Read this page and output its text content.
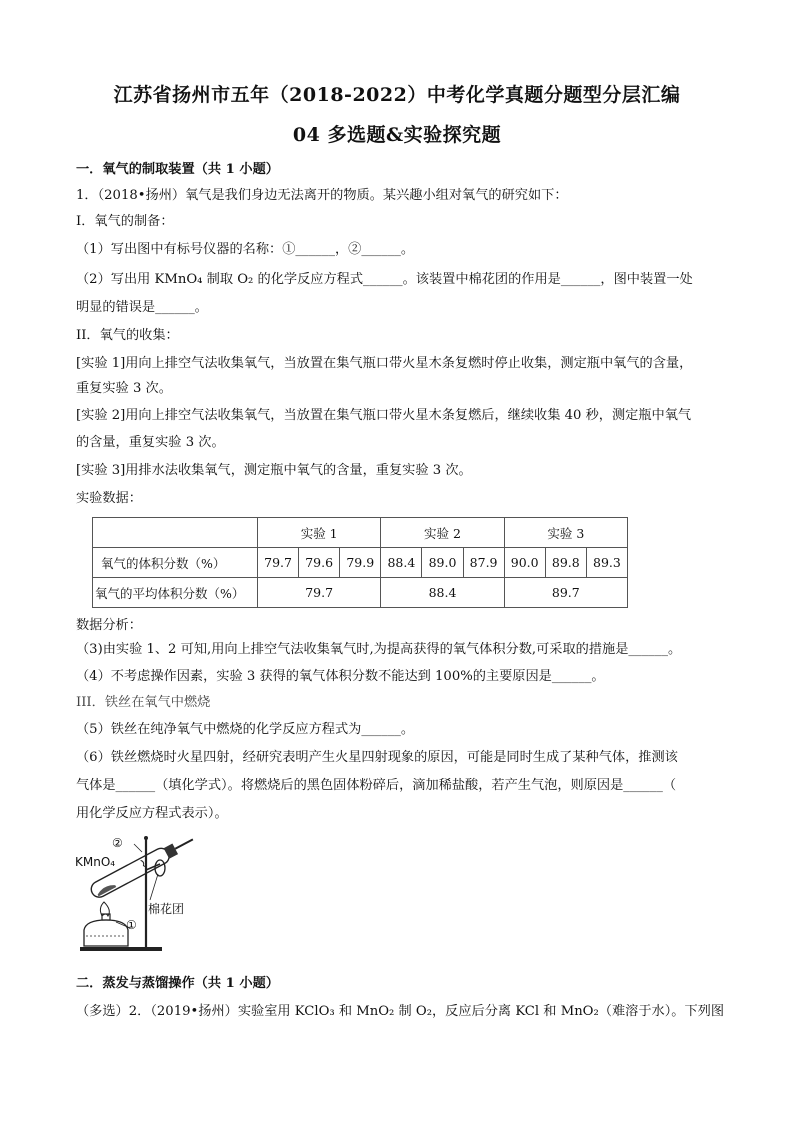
江苏省扬州市五年（2018-2022）中考化学真题分题型分层汇编
04 多选题&实验探究题
一．氧气的制取装置（共 1 小题）
1．（2018•扬州）氧气是我们身边无法离开的物质。某兴趣小组对氧气的研究如下：
I．氧气的制备：
（1）写出图中有标号仪器的名称：①______，②______。
（2）写出用 KMnO₄ 制取 O₂ 的化学反应方程式______。该装置中棉花团的作用是______，图中装置一处
明显的错误是______。
II．氧气的收集：
[实验 1]用向上排空气法收集氧气，当放置在集气瓶口带火星木条复燃时停止收集，测定瓶中氧气的含量，
重复实验 3 次。
[实验 2]用向上排空气法收集氧气，当放置在集气瓶口带火星木条复燃后，继续收集 40 秒，测定瓶中氧气
的含量，重复实验 3 次。
[实验 3]用排水法收集氧气，测定瓶中氧气的含量，重复实验 3 次。
实验数据：
	实验 1			实验 2			实验 3		
氧气的体积分数（%）	79.7	79.6	79.9	88.4	89.0	87.9	90.0	89.8	89.3
氧气的平均体积分数（%）	79.7			88.4			89.7		
数据分析：
（3)由实验 1、2 可知,用向上排空气法收集氧气时,为提高获得的氧气体积分数,可采取的措施是______。
（4）不考虑操作因素，实验 3 获得的氧气体积分数不能达到 100%的主要原因是______。
III．铁丝在氧气中燃烧
（5）铁丝在纯净氧气中燃烧的化学反应方程式为______。
（6）铁丝燃烧时火星四射，经研究表明产生火星四射现象的原因，可能是同时生成了某种气体，推测该
气体是______（填化学式）。将燃烧后的黑色固体粉碎后，滴加稀盐酸，若产生气泡，则原因是______（
用化学反应方程式表示）。
KMnO₄
②
①
棉花团
二．蒸发与蒸馏操作（共 1 小题）
（多选）2．（2019•扬州）实验室用 KClO₃ 和 MnO₂ 制 O₂，反应后分离 KCl 和 MnO₂（难溶于水）。下列图
